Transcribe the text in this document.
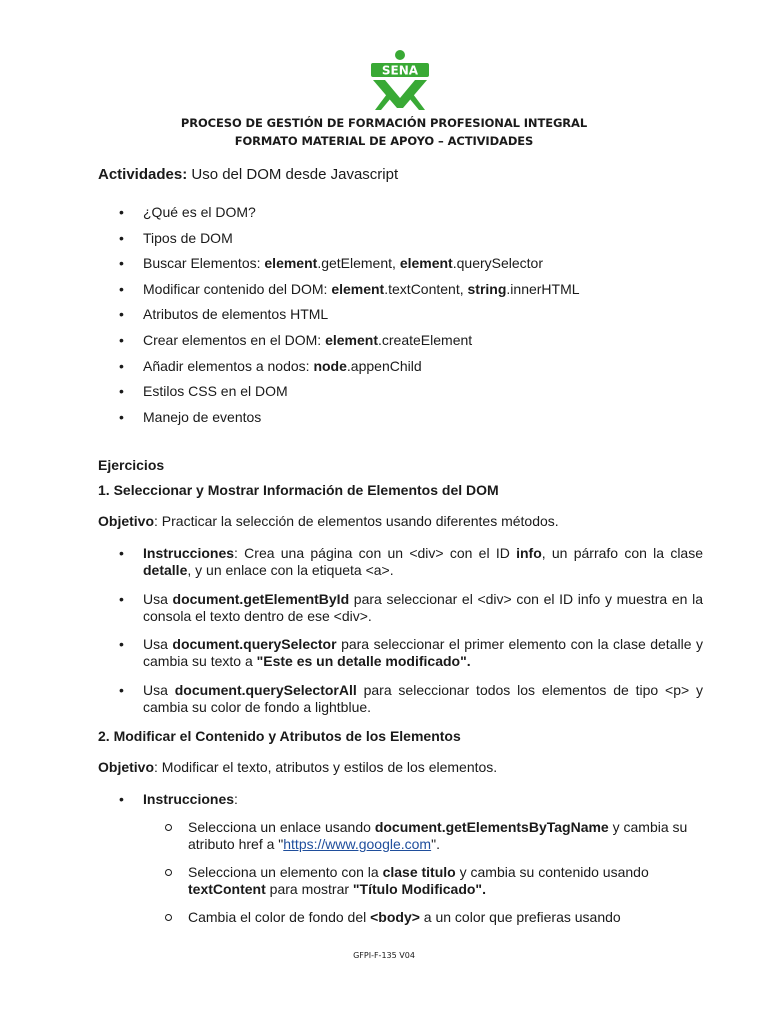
SENA
PROCESO DE GESTIÓN DE FORMACIÓN PROFESIONAL INTEGRAL
FORMATO MATERIAL DE APOYO – ACTIVIDADES
Actividades: Uso del DOM desde Javascript
• ¿Qué es el DOM?
• Tipos de DOM
• Buscar Elementos: element.getElement, element.querySelector
• Modificar contenido del DOM: element.textContent, string.innerHTML
• Atributos de elementos HTML
• Crear elementos en el DOM: element.createElement
• Añadir elementos a nodos: node.appenChild
• Estilos CSS en el DOM
• Manejo de eventos
Ejercicios
1. Seleccionar y Mostrar Información de Elementos del DOM
Objetivo: Practicar la selección de elementos usando diferentes métodos.
• Instrucciones: Crea una página con un <div> con el ID info, un párrafo con la clase detalle, y un enlace con la etiqueta <a>.

• Usa document.getElementById para seleccionar el <div> con el ID info y muestra en la consola el texto dentro de ese <div>.

• Usa document.querySelector para seleccionar el primer elemento con la clase detalle y cambia su texto a "Este es un detalle modificado".

• Usa document.querySelectorAll para seleccionar todos los elementos de tipo <p> y cambia su color de fondo a lightblue.

2. Modificar el Contenido y Atributos de los Elementos
Objetivo: Modificar el texto, atributos y estilos de los elementos.
• Instrucciones:

Selecciona un enlace usando document.getElementsByTagName y cambia su atributo href a "https://www.google.com".

Selecciona un elemento con la clase titulo y cambia su contenido usando textContent para mostrar "Título Modificado".

Cambia el color de fondo del <body> a un color que prefieras usando

GFPI-F-135 V04
